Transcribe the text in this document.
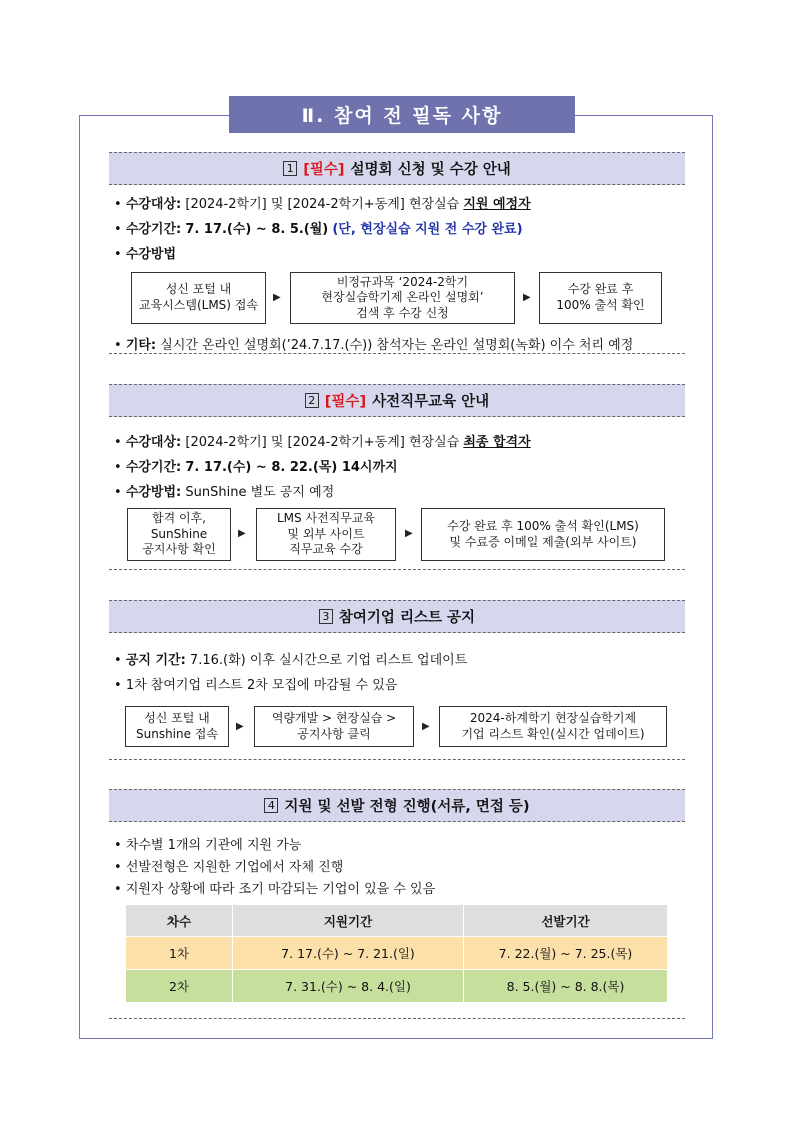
Ⅱ. 참여 전 필독 사항
1 [필수] 설명회 신청 및 수강 안내
• 수강대상: [2024-2학기] 및 [2024-2학기+동계] 현장실습 지원 예정자
• 수강기간: 7. 17.(수) ~ 8. 5.(월) (단, 현장실습 지원 전 수강 완료)
• 수강방법
성신 포털 내
교육시스템(LMS) 접속
▶
비정규과목 ‘2024-2학기
현장실습학기제 온라인 설명회’
검색 후 수강 신청
▶
수강 완료 후
100% 출석 확인
• 기타: 실시간 온라인 설명회(’24.7.17.(수)) 참석자는 온라인 설명회(녹화) 이수 처리 예정
2 [필수] 사전직무교육 안내
• 수강대상: [2024-2학기] 및 [2024-2학기+동계] 현장실습 최종 합격자
• 수강기간: 7. 17.(수) ~ 8. 22.(목) 14시까지
• 수강방법: SunShine 별도 공지 예정
합격 이후,
SunShine
공지사항 확인
▶
LMS 사전직무교육
및 외부 사이트
직무교육 수강
▶
수강 완료 후 100% 출석 확인(LMS)
및 수료증 이메일 제출(외부 사이트)
3 참여기업 리스트 공지
• 공지 기간: 7.16.(화) 이후 실시간으로 기업 리스트 업데이트
• 1차 참여기업 리스트 2차 모집에 마감될 수 있음
성신 포털 내
Sunshine 접속	▶
역량개발 > 현장실습 >
공지사항 클릭	▶
2024-하계학기 현장실습학기제
기업 리스트 확인(실시간 업데이트)
4 지원 및 선발 전형 진행(서류, 면접 등)
• 차수별 1개의 기관에 지원 가능
• 선발전형은 지원한 기업에서 자체 진행
• 지원자 상황에 따라 조기 마감되는 기업이 있을 수 있음
차수	지원기간	선발기간
1차	7. 17.(수) ~ 7. 21.(일)	7. 22.(월) ~ 7. 25.(목)
2차	7. 31.(수) ~ 8. 4.(일)	8. 5.(월) ~ 8. 8.(목)
